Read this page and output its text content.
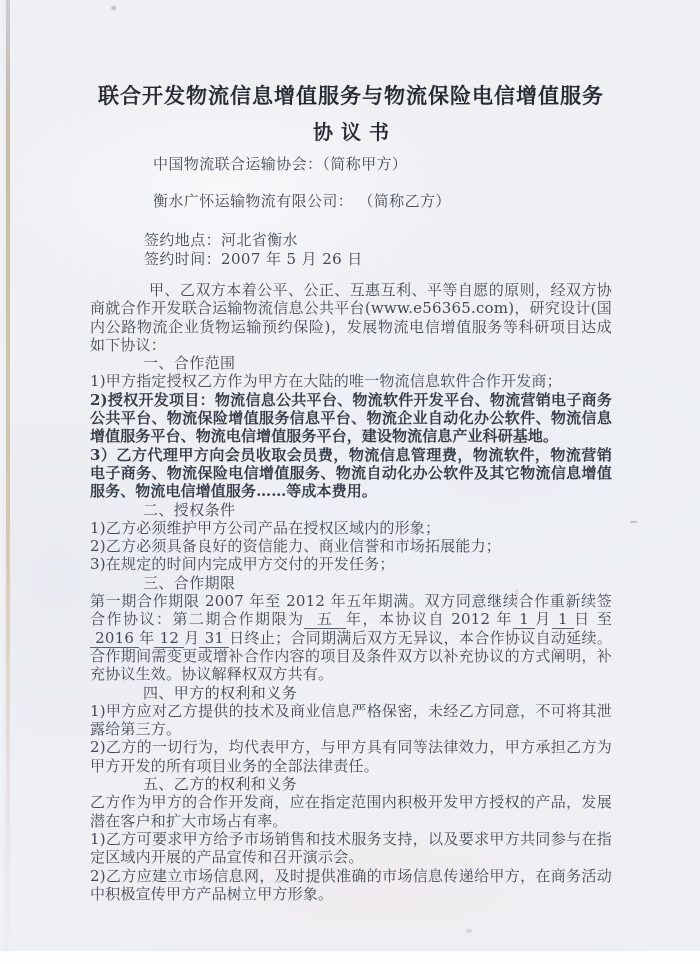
联合开发物流信息增值服务与物流保险电信增值服务
协议书

中国物流联合运输协会：（简称甲方）

衡水广怀运输物流有限公司： （简称乙方）

签约地点：河北省衡水

签约时间：2007 年 5 月 26 日

甲、乙双方本着公平、公正、互惠互利、平等自愿的原则，经双方协商就合作开发联合运输物流信息公共平台(www.e56365.com)，研究设计(国内公路物流企业货物运输预约保险)，发展物流电信增值服务等科研项目达成如下协议：

一、合作范围

1)甲方指定授权乙方作为甲方在大陆的唯一物流信息软件合作开发商；

2)授权开发项目：物流信息公共平台、物流软件开发平台、物流营销电子商务公共平台、物流保险增值服务信息平台、物流企业自动化办公软件、物流信息增值服务平台、物流电信增值服务平台，建设物流信息产业科研基地。

3）乙方代理甲方向会员收取会员费，物流信息管理费，物流软件，物流营销电子商务、物流保险电信增值服务、物流自动化办公软件及其它物流信息增值服务、物流电信增值服务……等成本费用。

二、授权条件

1)乙方必须维护甲方公司产品在授权区域内的形象；

2)乙方必须具备良好的资信能力、商业信誉和市场拓展能力；

3)在规定的时间内完成甲方交付的开发任务；

三、合作期限

第一期合作期限 2007 年至 2012 年五年期满。双方同意继续合作重新续签合作协议：第二期合作期限为  五  年，本协议自 2012 年 1 月 1 日 至  2016 年 12 月 31 日终止；合同期满后双方无异议，本合作协议自动延续。合作期间需变更或增补合作内容的项目及条件双方以补充协议的方式阐明，补充协议生效。协议解释权双方共有。

四、甲方的权利和义务

1)甲方应对乙方提供的技术及商业信息严格保密，未经乙方同意，不可将其泄露给第三方。

2)乙方的一切行为，均代表甲方，与甲方具有同等法律效力，甲方承担乙方为甲方开发的所有项目业务的全部法律责任。

五、乙方的权利和义务

乙方作为甲方的合作开发商，应在指定范围内积极开发甲方授权的产品，发展潜在客户和扩大市场占有率。

1)乙方可要求甲方给予市场销售和技术服务支持，以及要求甲方共同参与在指定区域内开展的产品宣传和召开演示会。

2)乙方应建立市场信息网，及时提供准确的市场信息传递给甲方，在商务活动中积极宣传甲方产品树立甲方形象。
